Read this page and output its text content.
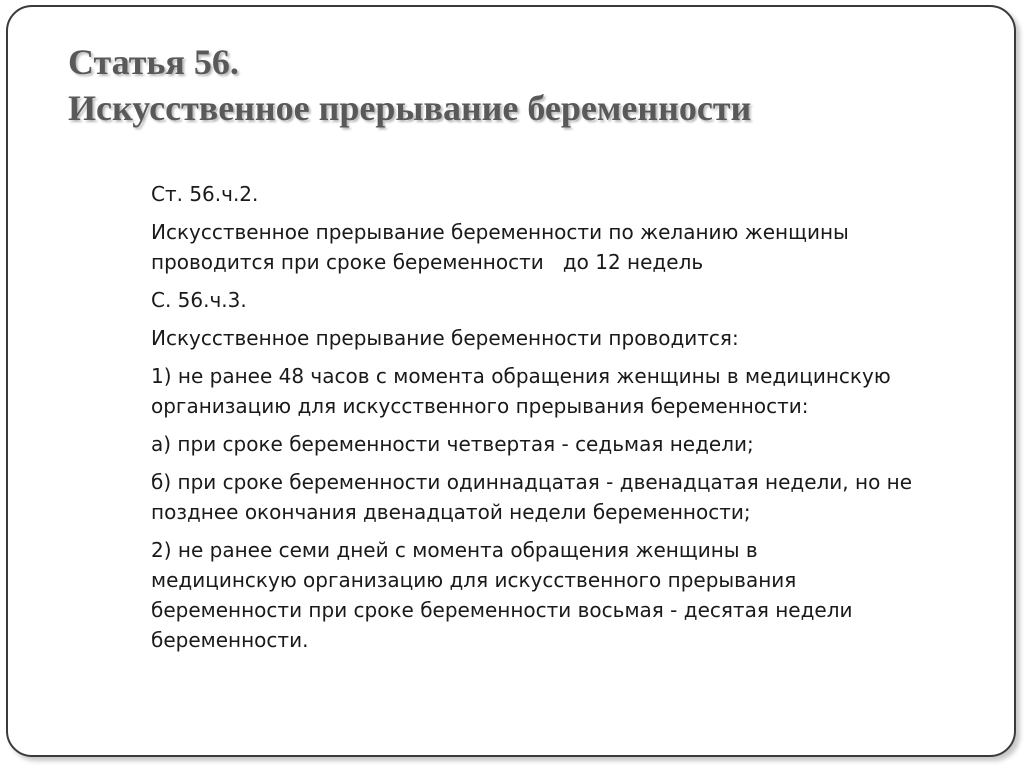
Статья 56.
Искусственное прерывание беременности

Ст. 56.ч.2.

Искусственное прерывание беременности по желанию женщины
проводится при сроке беременности   до 12 недель

С. 56.ч.3.

Искусственное прерывание беременности проводится:

1) не ранее 48 часов с момента обращения женщины в медицинскую
организацию для искусственного прерывания беременности:

а) при сроке беременности четвертая - седьмая недели;

б) при сроке беременности одиннадцатая - двенадцатая недели, но не
позднее окончания двенадцатой недели беременности;

2) не ранее семи дней с момента обращения женщины в
медицинскую организацию для искусственного прерывания
беременности при сроке беременности восьмая - десятая недели
беременности.
